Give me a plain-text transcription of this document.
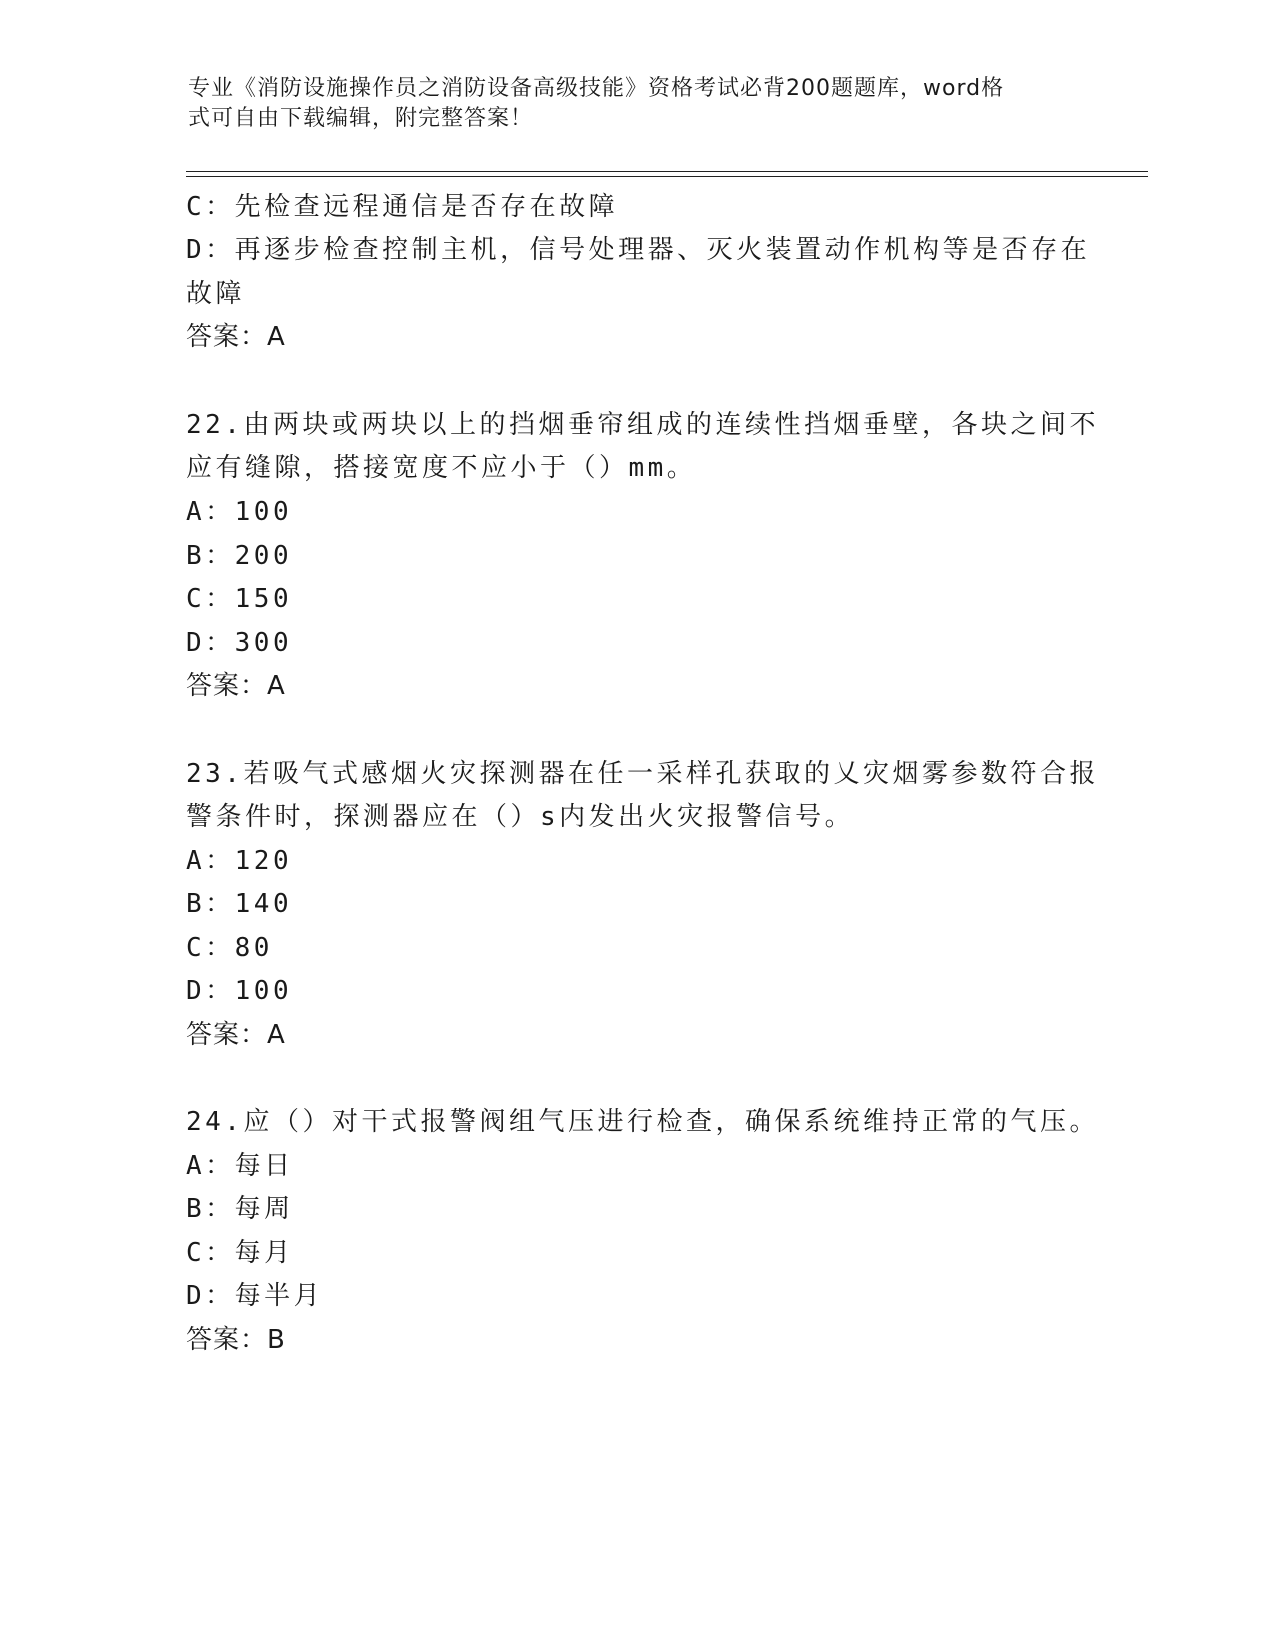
专业《消防设施操作员之消防设备高级技能》资格考试必背200题题库，word格
式可自由下载编辑，附完整答案！
C：先检查远程通信是否存在故障
D：再逐步检查控制主机，信号处理器、灭火装置动作机构等是否存在
故障
答案：A
22.由两块或两块以上的挡烟垂帘组成的连续性挡烟垂壁，各块之间不
应有缝隙，搭接宽度不应小于（）mm。
A：100
B：200
C：150
D：300
答案：A
23.若吸气式感烟火灾探测器在任一采样孔获取的乂灾烟雾参数符合报
警条件时，探测器应在（）s内发出火灾报警信号。
A：120
B：140
C：80
D：100
答案：A
24.应（）对干式报警阀组气压进行检查，确保系统维持正常的气压。
A：每日
B：每周
C：每月
D：每半月
答案：B
